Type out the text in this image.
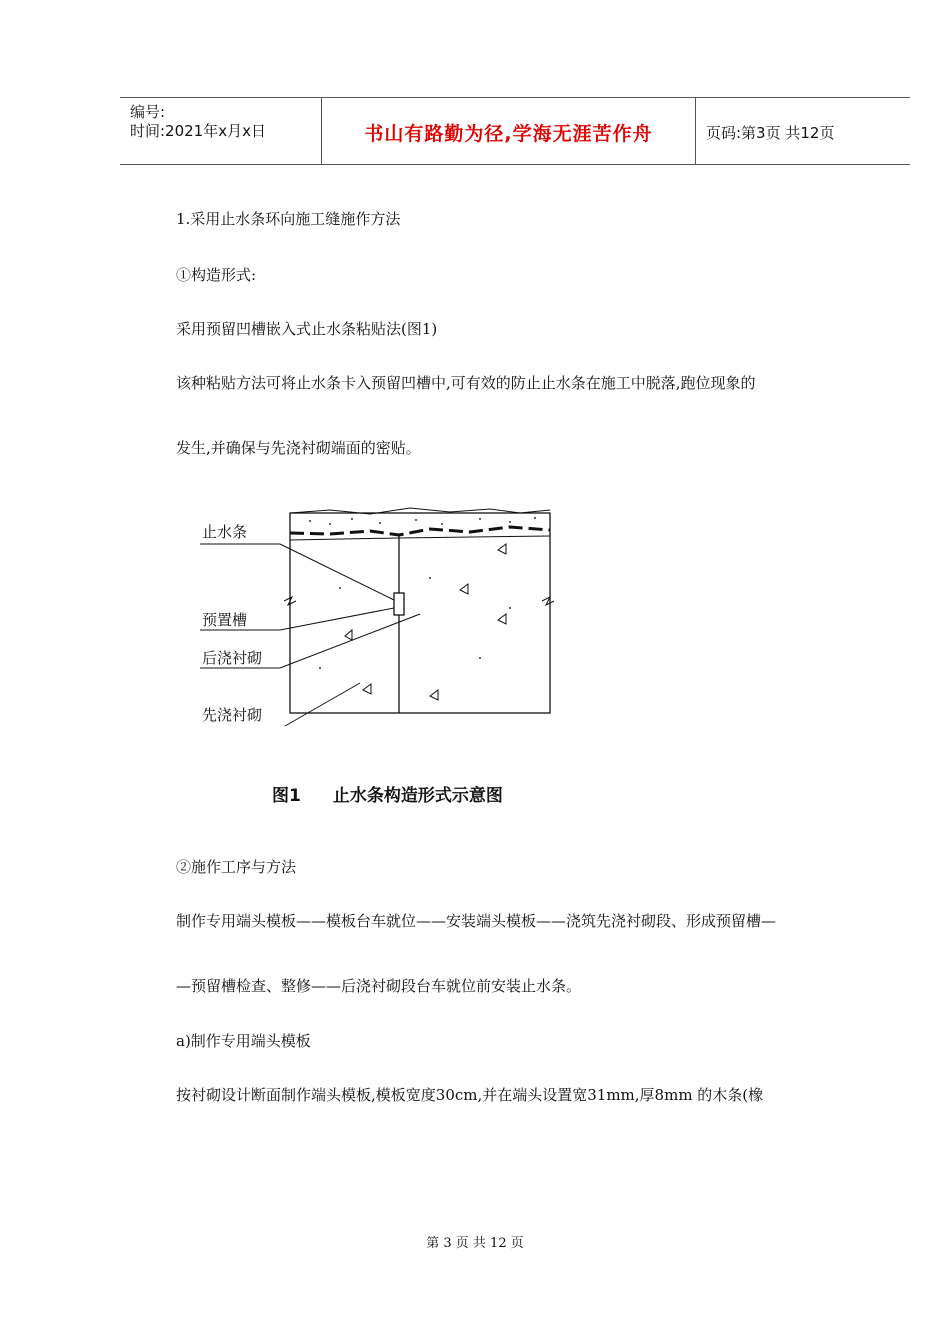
编号:
时间:2021年x月x日	书山有路勤为径,学海无涯苦作舟	页码:第3页 共12页
1.采用止水条环向施工缝施作方法
①构造形式:
采用预留凹槽嵌入式止水条粘贴法(图1)
该种粘贴方法可将止水条卡入预留凹槽中,可有效的防止止水条在施工中脱落,跑位现象的
发生,并确保与先浇衬砌端面的密贴。
止水条
预置槽
后浇衬砌
先浇衬砌
图1 止水条构造形式示意图
②施作工序与方法
制作专用端头模板——模板台车就位——安装端头模板——浇筑先浇衬砌段、形成预留槽—
—预留槽检查、整修——后浇衬砌段台车就位前安装止水条。
a)制作专用端头模板
按衬砌设计断面制作端头模板,模板宽度30cm,并在端头设置宽31mm,厚8mm 的木条(橡
第 3 页 共 12 页
